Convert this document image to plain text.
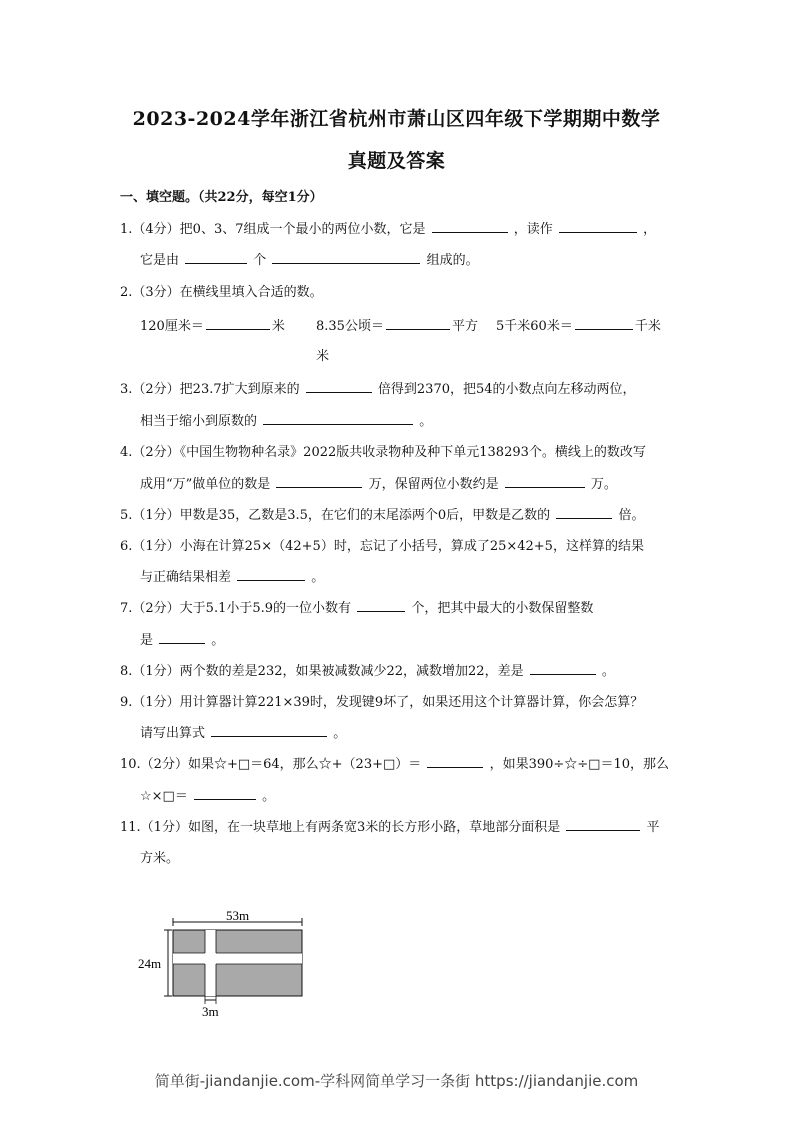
2023-2024学年浙江省杭州市萧山区四年级下学期期中数学
真题及答案
一、填空题。（共22分，每空1分）
1.（4分）把0、3、7组成一个最小的两位小数，它是	，读作	，
它是由	个	组成的。
2.（3分）在横线里填入合适的数。
120厘米＝	米 8.35公顷＝	平方 5千米60米＝	千米
米
3.（2分）把23.7扩大到原来的	倍得到2370，把54的小数点向左移动两位，
相当于缩小到原数的	。
4.（2分）《中国生物物种名录》2022版共收录物种及种下单元138293个。横线上的数改写
成用“万”做单位的数是	万，保留两位小数约是	万。
5.（1分）甲数是35，乙数是3.5，在它们的末尾添两个0后，甲数是乙数的	倍。
6.（1分）小海在计算25×（42+5）时，忘记了小括号，算成了25×42+5，这样算的结果
与正确结果相差	。
7.（2分）大于5.1小于5.9的一位小数有	个，把其中最大的小数保留整数
是	。
8.（1分）两个数的差是232，如果被减数减少22，减数增加22，差是	。
9.（1分）用计算器计算221×39时，发现键9坏了，如果还用这个计算器计算，你会怎算？
请写出算式	。
10.（2分）如果☆+□＝64，那么☆+（23+□）＝	，如果390÷☆÷□＝10，那么
☆×□＝	。
11.（1分）如图，在一块草地上有两条宽3米的长方形小路，草地部分面积是	平
方米。
53m
24m
3m
简单街-jiandanjie.com-学科网简单学习一条街 https://jiandanjie.com
